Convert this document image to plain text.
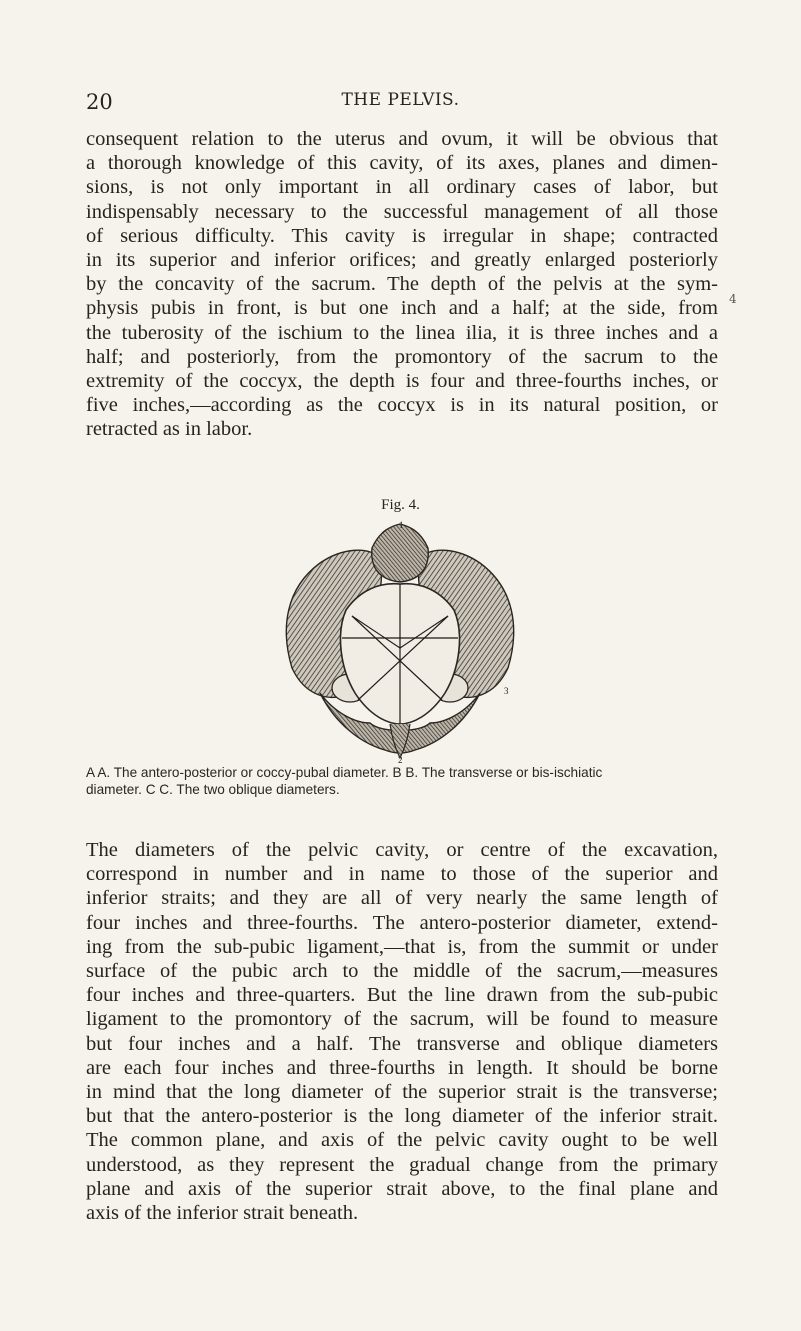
20	THE PELVIS.
consequent relation to the uterus and ovum, it will be obvious that
a thorough knowledge of this cavity, of its axes, planes and dimen-
sions, is not only important in all ordinary cases of labor, but
indispensably necessary to the successful management of all those
of serious difficulty. This cavity is irregular in shape; contracted
in its superior and inferior orifices; and greatly enlarged posteriorly
by the concavity of the sacrum. The depth of the pelvis at the sym-
physis pubis in front, is but one inch and a half; at the side, from
the tuberosity of the ischium to the linea ilia, it is three inches and a
half; and posteriorly, from the promontory of the sacrum to the
extremity of the coccyx, the depth is four and three-fourths inches, or
five inches,—according as the coccyx is in its natural position, or
retracted as in labor.
4
Fig. 4.
1
3
2
A A. The antero-posterior or coccy-pubal diameter. B B. The transverse or bis-ischiatic
diameter. C C. The two oblique diameters.
The diameters of the pelvic cavity, or centre of the excavation,
correspond in number and in name to those of the superior and
inferior straits; and they are all of very nearly the same length of
four inches and three-fourths. The antero-posterior diameter, extend-
ing from the sub-pubic ligament,—that is, from the summit or under
surface of the pubic arch to the middle of the sacrum,—measures
four inches and three-quarters. But the line drawn from the sub-pubic
ligament to the promontory of the sacrum, will be found to measure
but four inches and a half. The transverse and oblique diameters
are each four inches and three-fourths in length. It should be borne
in mind that the long diameter of the superior strait is the transverse;
but that the antero-posterior is the long diameter of the inferior strait.
The common plane, and axis of the pelvic cavity ought to be well
understood, as they represent the gradual change from the primary
plane and axis of the superior strait above, to the final plane and
axis of the inferior strait beneath.
